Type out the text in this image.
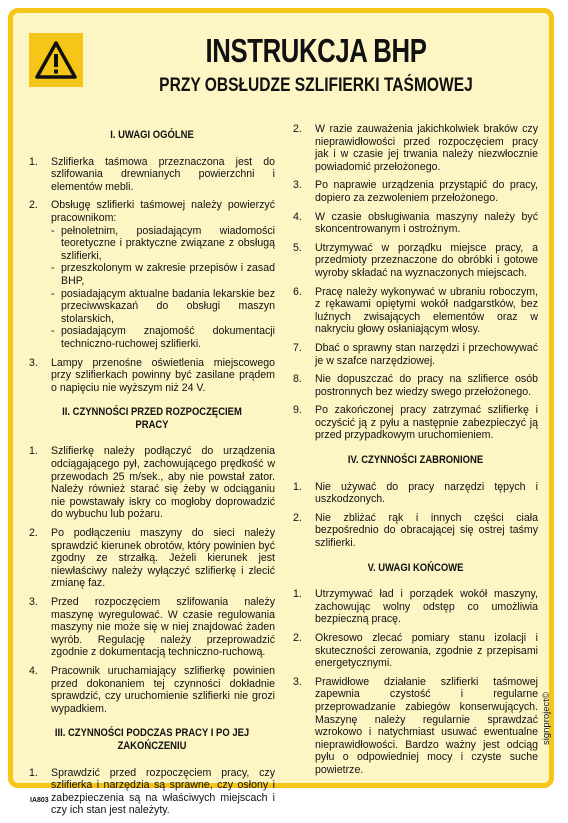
INSTRUKCJA BHP
PRZY OBSŁUDZE SZLIFIERKI TAŚMOWEJ
I. UWAGI OGÓLNE
1.	Szlifierka taśmowa przeznaczona jest do szlifowania drewnianych powierzchni i elementów mebli.
2.	Obsługę szlifierki taśmowej należy powierzyć pracownikom:
- pełnoletnim, posiadającym wiadomości teoretyczne i praktyczne związane z obsługą szlifierki,
- przeszkolonym w zakresie przepisów i zasad BHP,
- posiadającym aktualne badania lekarskie bez przeciwwskazań do obsługi maszyn stolarskich,
- posiadającym znajomość dokumentacji techniczno-ruchowej szlifierki.
3.	Lampy przenośne oświetlenia miejscowego przy szlifierkach powinny być zasilane prądem o napięciu nie wyższym niż 24 V.
II. CZYNNOŚCI PRZED ROZPOCZĘCIEM PRACY
1.	Szlifierkę należy podłączyć do urządzenia odciągającego pył, zachowującego prędkość w przewodach 25 m/sek., aby nie powstał zator. Należy również starać się żeby w odciąganiu nie powstawały iskry co mogłoby doprowadzić do wybuchu lub pożaru.
2.	Po podłączeniu maszyny do sieci należy sprawdzić kierunek obrotów, który powinien być zgodny ze strzałką. Jeżeli kierunek jest niewłaściwy należy wyłączyć szlifierkę i zlecić zmianę faz.
3.	Przed rozpoczęciem szlifowania należy maszynę wyregulować. W czasie regulowania maszyny nie może się w niej znajdować żaden wyrób. Regulację należy przeprowadzić zgodnie z dokumentacją techniczno-ruchową.
4.	Pracownik uruchamiający szlifierkę powinien przed dokonaniem tej czynności dokładnie sprawdzić, czy uruchomienie szlifierki nie grozi wypadkiem.
III. CZYNNOŚCI PODCZAS PRACY I PO JEJ ZAKOŃCZENIU
1.	Sprawdzić przed rozpoczęciem pracy, czy szlifierka i narzędzia są sprawne, czy osłony i zabezpieczenia są na właściwych miejscach i czy ich stan jest należyty.
2.	W razie zauważenia jakichkolwiek braków czy nieprawidłowości przed rozpoczęciem pracy jak i w czasie jej trwania należy niezwłocznie powiadomić przełożonego.
3.	Po naprawie urządzenia przystąpić do pracy, dopiero za zezwoleniem przełożonego.
4.	W czasie obsługiwania maszyny należy być skoncentrowanym i ostrożnym.
5.	Utrzymywać w porządku miejsce pracy, a przedmioty przeznaczone do obróbki i gotowe wyroby składać na wyznaczonych miejscach.
6.	Pracę należy wykonywać w ubraniu roboczym, z rękawami opiętymi wokół nadgarstków, bez luźnych zwisających elementów oraz w nakryciu głowy osłaniającym włosy.
7.	Dbać o sprawny stan narzędzi i przechowywać je w szafce narzędziowej.
8.	Nie dopuszczać do pracy na szlifierce osób postronnych bez wiedzy swego przełożonego.
9.	Po zakończonej pracy zatrzymać szlifierkę i oczyścić ją z pyłu a następnie zabezpieczyć ją przed przypadkowym uruchomieniem.
IV. CZYNNOŚCI ZABRONIONE
1.	Nie używać do pracy narzędzi tępych i uszkodzonych.
2.	Nie zbliżać rąk i innych części ciała bezpośrednio do obracającej się ostrej taśmy szlifierki.
V. UWAGI KOŃCOWE
1.	Utrzymywać ład i porządek wokół maszyny, zachowując wolny odstęp co umożliwia bezpieczną pracę.
2.	Okresowo zlecać pomiary stanu izolacji i skuteczności zerowania, zgodnie z przepisami energetycznymi.
3.	Prawidłowe działanie szlifierki taśmowej zapewnia czystość i regularne przeprowadzanie zabiegów konserwujących. Maszynę należy regularnie sprawdzać wzrokowo i natychmiast usuwać ewentualne nieprawidłowości. Bardzo ważny jest odciąg pyłu o odpowiedniej mocy i czyste suche powietrze.
signproject©
IA803
